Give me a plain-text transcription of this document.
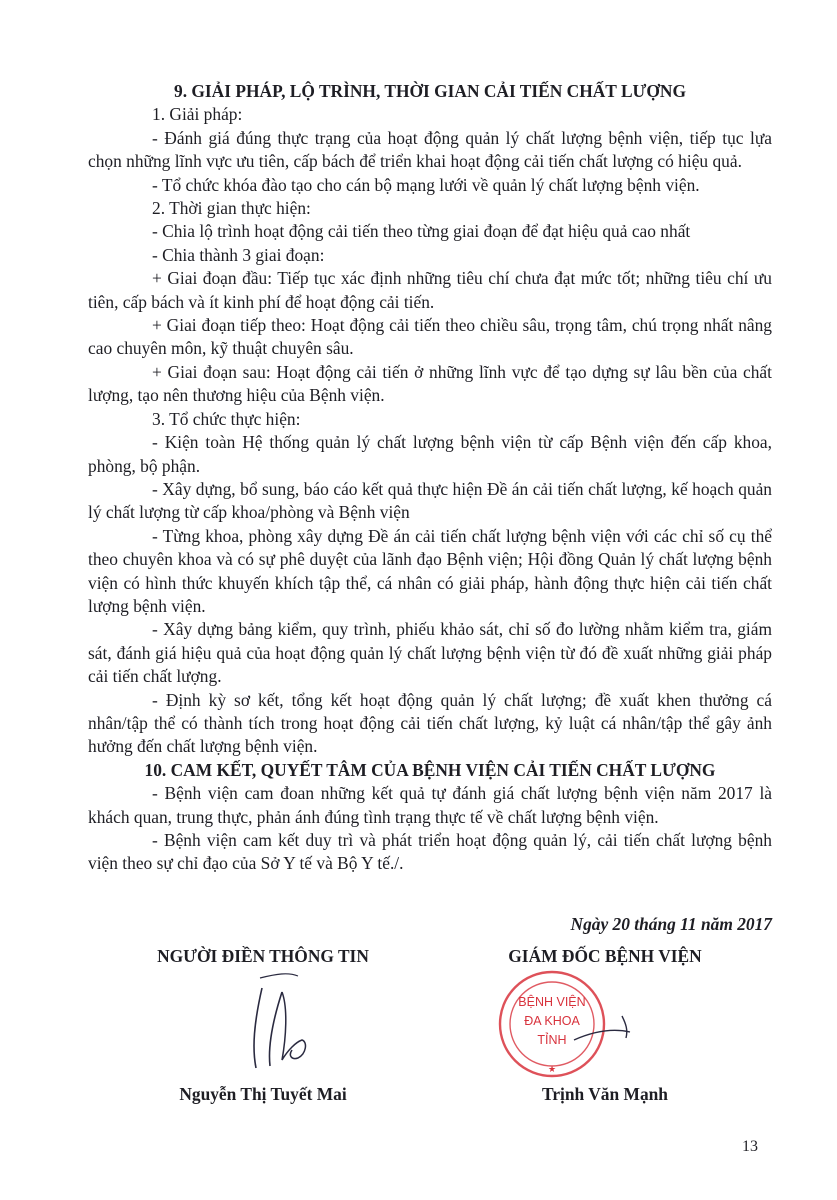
9. GIẢI PHÁP, LỘ TRÌNH, THỜI GIAN CẢI TIẾN CHẤT LƯỢNG

1. Giải pháp:

- Đánh giá đúng thực trạng của hoạt động quản lý chất lượng bệnh viện, tiếp tục lựa chọn những lĩnh vực ưu tiên, cấp bách để triển khai hoạt động cải tiến chất lượng có hiệu quả.

- Tổ chức khóa đào tạo cho cán bộ mạng lưới về quản lý chất lượng bệnh viện.

2. Thời gian thực hiện:

- Chia lộ trình hoạt động cải tiến theo từng giai đoạn để đạt hiệu quả cao nhất

- Chia thành 3 giai đoạn:

+ Giai đoạn đầu: Tiếp tục xác định những tiêu chí chưa đạt mức tốt; những tiêu chí ưu tiên, cấp bách và ít kinh phí để hoạt động cải tiến.

+ Giai đoạn tiếp theo: Hoạt động cải tiến theo chiều sâu, trọng tâm, chú trọng nhất nâng cao chuyên môn, kỹ thuật chuyên sâu.

+ Giai đoạn sau: Hoạt động cải tiến ở những lĩnh vực để tạo dựng sự lâu bền của chất lượng, tạo nên thương hiệu của Bệnh viện.

3. Tổ chức thực hiện:

- Kiện toàn Hệ thống quản lý chất lượng bệnh viện từ cấp Bệnh viện đến cấp khoa, phòng, bộ phận.

- Xây dựng, bổ sung, báo cáo kết quả thực hiện Đề án cải tiến chất lượng, kế hoạch quản lý chất lượng từ cấp khoa/phòng và Bệnh viện

- Từng khoa, phòng xây dựng Đề án cải tiến chất lượng bệnh viện với các chỉ số cụ thể theo chuyên khoa và có sự phê duyệt của lãnh đạo Bệnh viện; Hội đồng Quản lý chất lượng bệnh viện có hình thức khuyến khích tập thể, cá nhân có giải pháp, hành động thực hiện cải tiến chất lượng bệnh viện.

- Xây dựng bảng kiểm, quy trình, phiếu khảo sát, chỉ số đo lường nhằm kiểm tra, giám sát, đánh giá hiệu quả của hoạt động quản lý chất lượng bệnh viện từ đó đề xuất những giải pháp cải tiến chất lượng.

- Định kỳ sơ kết, tổng kết hoạt động quản lý chất lượng; đề xuất khen thưởng cá nhân/tập thể có thành tích trong hoạt động cải tiến chất lượng, kỷ luật cá nhân/tập thể gây ảnh hưởng đến chất lượng bệnh viện.

10. CAM KẾT, QUYẾT TÂM CỦA BỆNH VIỆN CẢI TIẾN CHẤT LƯỢNG

- Bệnh viện cam đoan những kết quả tự đánh giá chất lượng bệnh viện năm 2017 là khách quan, trung thực, phản ánh đúng tình trạng thực tế về chất lượng bệnh viện.

- Bệnh viện cam kết duy trì và phát triển hoạt động quản lý, cải tiến chất lượng bệnh viện theo sự chỉ đạo của Sở Y tế và Bộ Y tế./.

Ngày 20 tháng 11 năm 2017
NGƯỜI ĐIỀN THÔNG TIN	GIÁM ĐỐC BỆNH VIỆN
BỆNH VIỆN
ĐA KHOA
TỈNH
★
Nguyễn Thị Tuyết Mai	Trịnh Văn Mạnh
13
